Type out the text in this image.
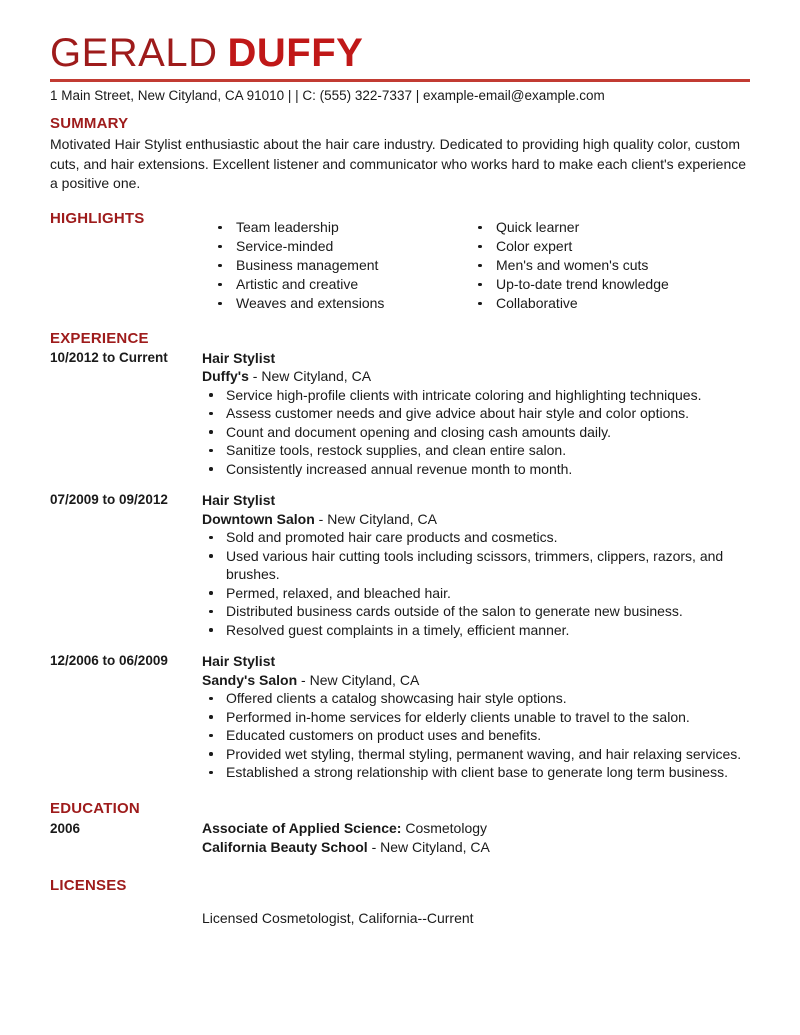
GERALD DUFFY
1 Main Street, New Cityland, CA 91010 | | C: (555) 322-7337 | example-email@example.com
SUMMARY
Motivated Hair Stylist enthusiastic about the hair care industry. Dedicated to providing high quality color, custom cuts, and hair extensions. Excellent listener and communicator who works hard to make each client's experience a positive one.
HIGHLIGHTS	Team leadership
Service-minded
Business management
Artistic and creative
Weaves and extensions
Quick learner
Color expert
Men's and women's cuts
Up-to-date trend knowledge
Collaborative
EXPERIENCE
10/2012 to Current	Hair Stylist
Duffy's - New Cityland, CA
Service high-profile clients with intricate coloring and highlighting techniques.
Assess customer needs and give advice about hair style and color options.
Count and document opening and closing cash amounts daily.
Sanitize tools, restock supplies, and clean entire salon.
Consistently increased annual revenue month to month.
07/2009 to 09/2012	Hair Stylist
Downtown Salon - New Cityland, CA
Sold and promoted hair care products and cosmetics.
Used various hair cutting tools including scissors, trimmers, clippers, razors, and brushes.
Permed, relaxed, and bleached hair.
Distributed business cards outside of the salon to generate new business.
Resolved guest complaints in a timely, efficient manner.
12/2006 to 06/2009	Hair Stylist
Sandy's Salon - New Cityland, CA
Offered clients a catalog showcasing hair style options.
Performed in-home services for elderly clients unable to travel to the salon.
Educated customers on product uses and benefits.
Provided wet styling, thermal styling, permanent waving, and hair relaxing services.
Established a strong relationship with client base to generate long term business.
EDUCATION
2006	Associate of Applied Science: Cosmetology
California Beauty School - New Cityland, CA
LICENSES
Licensed Cosmetologist, California--Current
